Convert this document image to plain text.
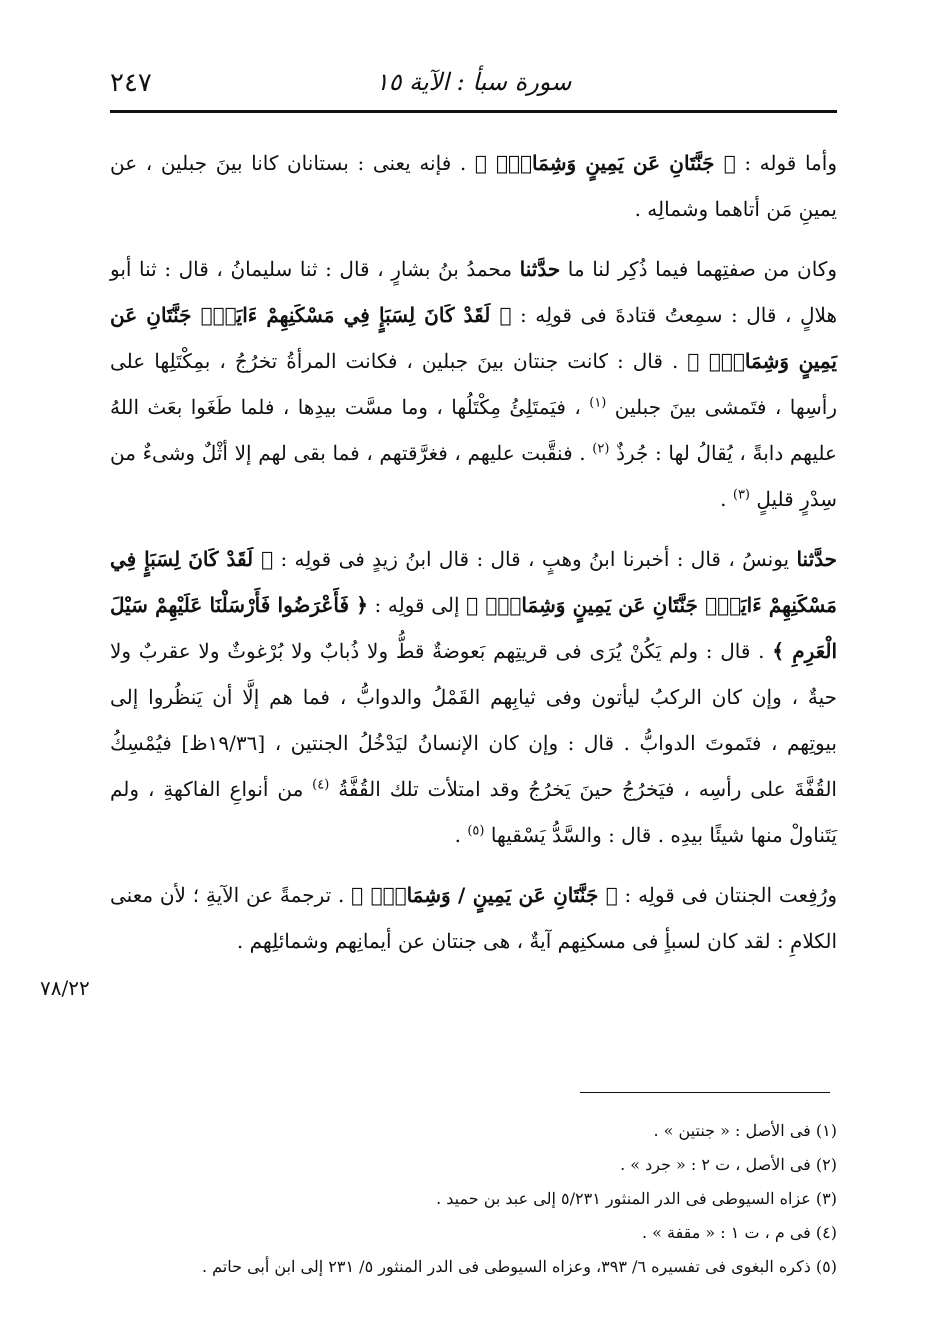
سورة سبأ : الآية ١٥
٢٤٧
٧٨/٢٢

وأما قوله : ﴿ جَنَّتَانِ عَن يَمِينٍ وَشِمَالٍۖ ﴾ . فإنه يعنى : بستانان كانا بينَ جبلين ، عن يمينِ مَن أتاهما وشمالِه .

وكان من صفتِهما فيما ذُكِر لنا ما حدَّثنا محمدُ بنُ بشارٍ ، قال : ثنا سليمانُ ، قال : ثنا أبو هلالٍ ، قال : سمِعتُ قتادةَ فى قولِه : ﴿ لَقَدْ كَانَ لِسَبَإٍ فِي مَسْكَنِهِمْ ءَايَةٌۖ جَنَّتَانِ عَن يَمِينٍ وَشِمَالٍۖ ﴾ . قال : كانت جنتان بينَ جبلين ، فكانت المرأةُ تخرُجُ ، بمِكْتَلِها على رأسِها ، فتَمشى بينَ جبلين $^{(١)}$ ، فيَمتَلِئُ مِكْتَلُها ، وما مسَّت بيدِها ، فلما طَغَوا بعَث اللهُ عليهم دابةً ، يُقالُ لها : جُرذٌ $^{(٢)}$ . فنقَّبت عليهم ، فغرَّقتهم ، فما بقى لهم إلا أثْلٌ وشىءٌ من سِدْرٍ قليلٍ $^{(٣)}$ .

حدَّثنا يونسُ ، قال : أخبرنا ابنُ وهبٍ ، قال : قال ابنُ زيدٍ فى قولِه : ﴿ لَقَدْ كَانَ لِسَبَإٍ فِي مَسْكَنِهِمْ ءَايَةٌۖ جَنَّتَانِ عَن يَمِينٍ وَشِمَالٍۖ ﴾ إلى قولِه : ﴿ فَأَعْرَضُوا فَأَرْسَلْنَا عَلَيْهِمْ سَيْلَ الْعَرِمِ ﴾ . قال : ولم يَكُنْ يُرَى فى قريتِهم بَعوضةٌ قطُّ ولا ذُبابٌ ولا بُرْغوثٌ ولا عقربٌ ولا حيةٌ ، وإن كان الركبُ ليأتون وفى ثيابِهم القَمْلُ والدوابُّ ، فما هم إلَّا أن يَنظُروا إلى بيوتِهم ، فتَموتَ الدوابُّ . قال : وإن كان الإنسانُ ليَدْخُلُ الجنتين ، [١٩/٣٦ظ] فيُمْسِكُ القُفَّةَ على رأسِه ، فيَخرُجُ حينَ يَخرُجُ وقد امتلأت تلك القُفَّةُ $^{(٤)}$ من أنواعِ الفاكهةِ ، ولم يَتَناولْ منها شيئًا بيدِه . قال : والسَّدُّ يَسْقيها $^{(٥)}$ .

ورُفِعت الجنتان فى قولِه : ﴿ جَنَّتَانِ عَن يَمِينٍ / وَشِمَالٍۖ ﴾ . ترجمةً عن الآيةِ ؛ لأن معنى الكلامِ : لقد كان لسبأٍ فى مسكنِهم آيةٌ ، هى جنتان عن أيمانِهم وشمائلِهم .

(١) فى الأصل : « جنتين » .

(٢) فى الأصل ، ت ٢ : « جرد » .

(٣) عزاه السيوطى فى الدر المنثور ٥/٢٣١ إلى عبد بن حميد .

(٤) فى م ، ت ١ : « مقفة » .

(٥) ذكره البغوى فى تفسيره ٦/ ٣٩٣، وعزاه السيوطى فى الدر المنثور ٥/ ٢٣١ إلى ابن أبى حاتم .
